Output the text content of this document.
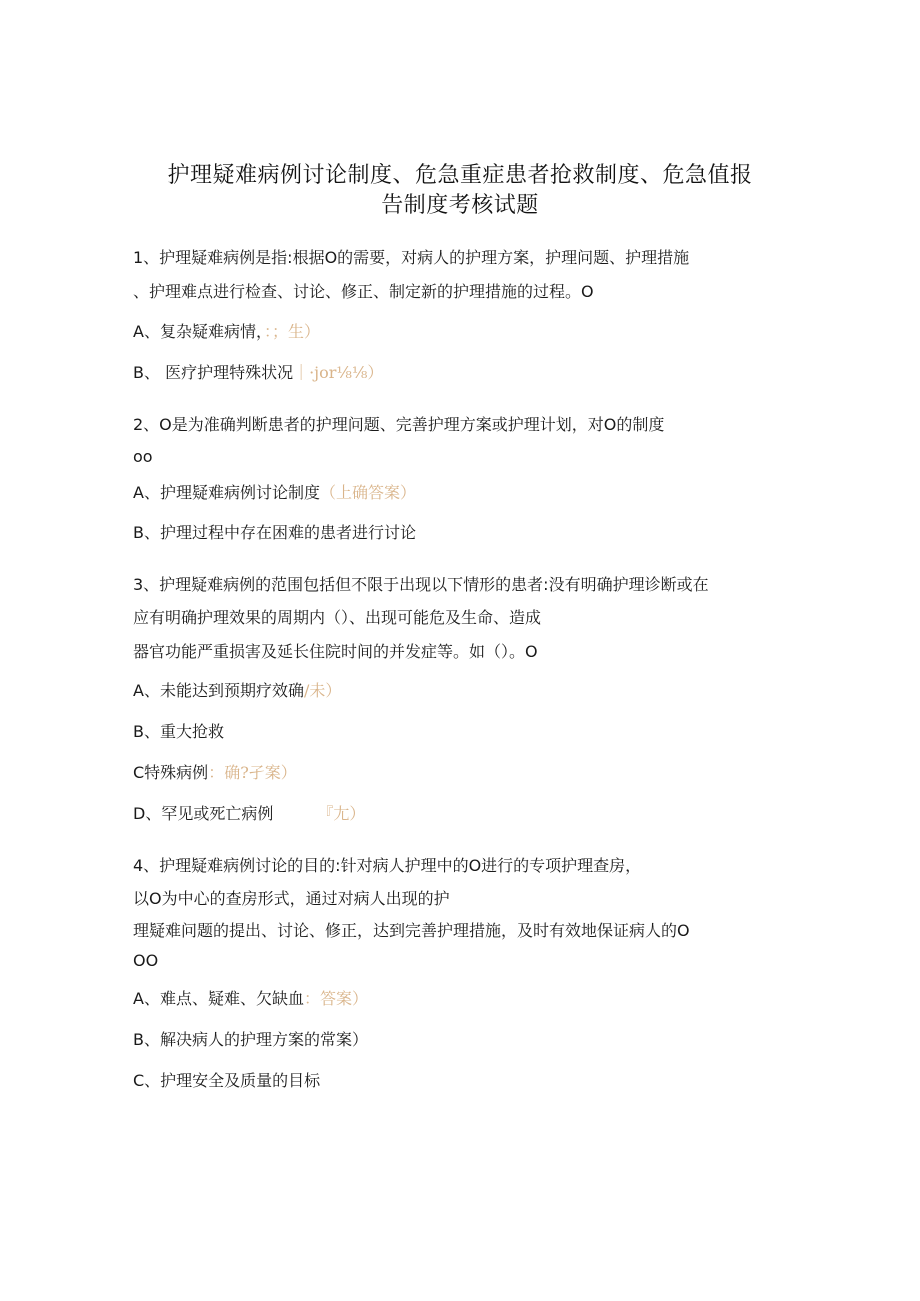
护理疑难病例讨论制度、危急重症患者抢救制度、危急值报
告制度考核试题
1、护理疑难病例是指:根据O的需要，对病人的护理方案，护理问题、护理措施
、护理难点进行检查、讨论、修正、制定新的护理措施的过程。O
A、复杂疑难病情，：；生）
B、 医疗护理特殊状况｜·jor⅛⅛）
2、O是为准确判断患者的护理问题、完善护理方案或护理计划，对O的制度
oo
A、护理疑难病例讨论制度（上确答案）
B、护理过程中存在困难的患者进行讨论
3、护理疑难病例的范围包括但不限于出现以下情形的患者:没有明确护理诊断或在
应有明确护理效果的周期内（）、出现可能危及生命、造成
器官功能严重损害及延长住院时间的并发症等。如（）。O
A、未能达到预期疗效确/未）
B、重大抢救
C特殊病例：确?孑案）
D、罕见或死亡病例	『尢）
4、护理疑难病例讨论的目的:针对病人护理中的O进行的专项护理查房，
以O为中心的查房形式，通过对病人出现的护
理疑难问题的提出、讨论、修正，达到完善护理措施，及时有效地保证病人的O
OO
A、难点、疑难、欠缺血：答案）
B、解决病人的护理方案的常案）
C、护理安全及质量的目标
